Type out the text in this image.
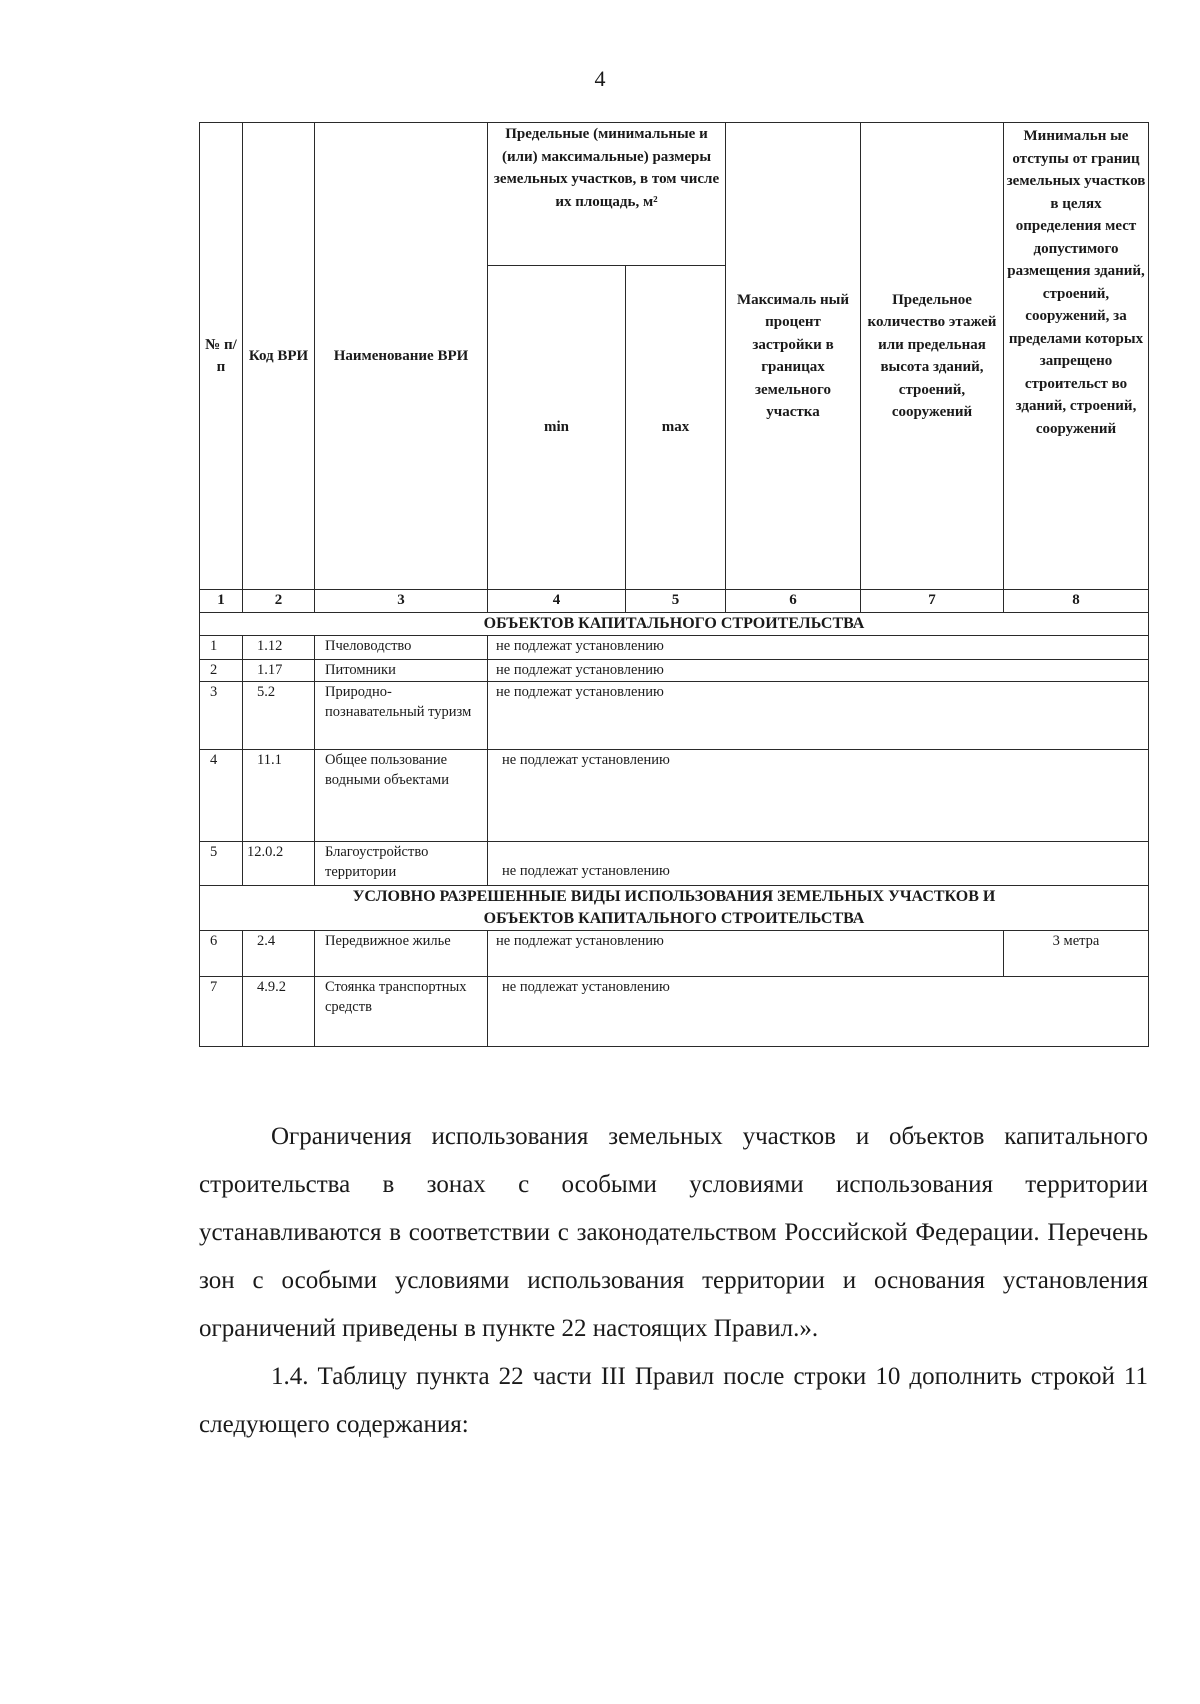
4
№ п/ п	Код ВРИ	Наименование ВРИ	Предельные (минимальные и (или) максимальные) размеры земельных участков, в том числе их площадь, м²		Максималь ный процент застройки в границах земельного участка	Предельное количество этажей или предельная высота зданий, строений, сооружений	Минимальн ые отступы от границ земельных участков в целях определения мест допустимого размещения зданий, строений, сооружений, за пределами которых запрещено строительст во зданий, строений, сооружений
			min	max			
1	2	3	4	5	6	7	8
ОБЪЕКТОВ КАПИТАЛЬНОГО СТРОИТЕЛЬСТВА							
1	1.12	Пчеловодство	не подлежат установлению				
2	1.17	Питомники	не подлежат установлению				
3	5.2	Природно-познавательный туризм	не подлежат установлению				
4	11.1	Общее пользование водными объектами	не подлежат установлению				
5	12.0.2	Благоустройство территории	не подлежат установлению				

УСЛОВНО РАЗРЕШЕННЫЕ ВИДЫ ИСПОЛЬЗОВАНИЯ ЗЕМЕЛЬНЫХ УЧАСТКОВ И
ОБЪЕКТОВ КАПИТАЛЬНОГО СТРОИТЕЛЬСТВА							

6	2.4	Передвижное жилье	не подлежат установлению				3 метра
7	4.9.2	Стоянка транспортных средств	не подлежат установлению				

Ограничения использования земельных участков и объектов капитального строительства в зонах с особыми условиями использования территории устанавливаются в соответствии с законодательством Российской Федерации. Перечень зон с особыми условиями использования территории и основания установления ограничений приведены в пункте 22 настоящих Правил.».

1.4. Таблицу пункта 22 части III Правил после строки 10 дополнить строкой 11 следующего содержания:
